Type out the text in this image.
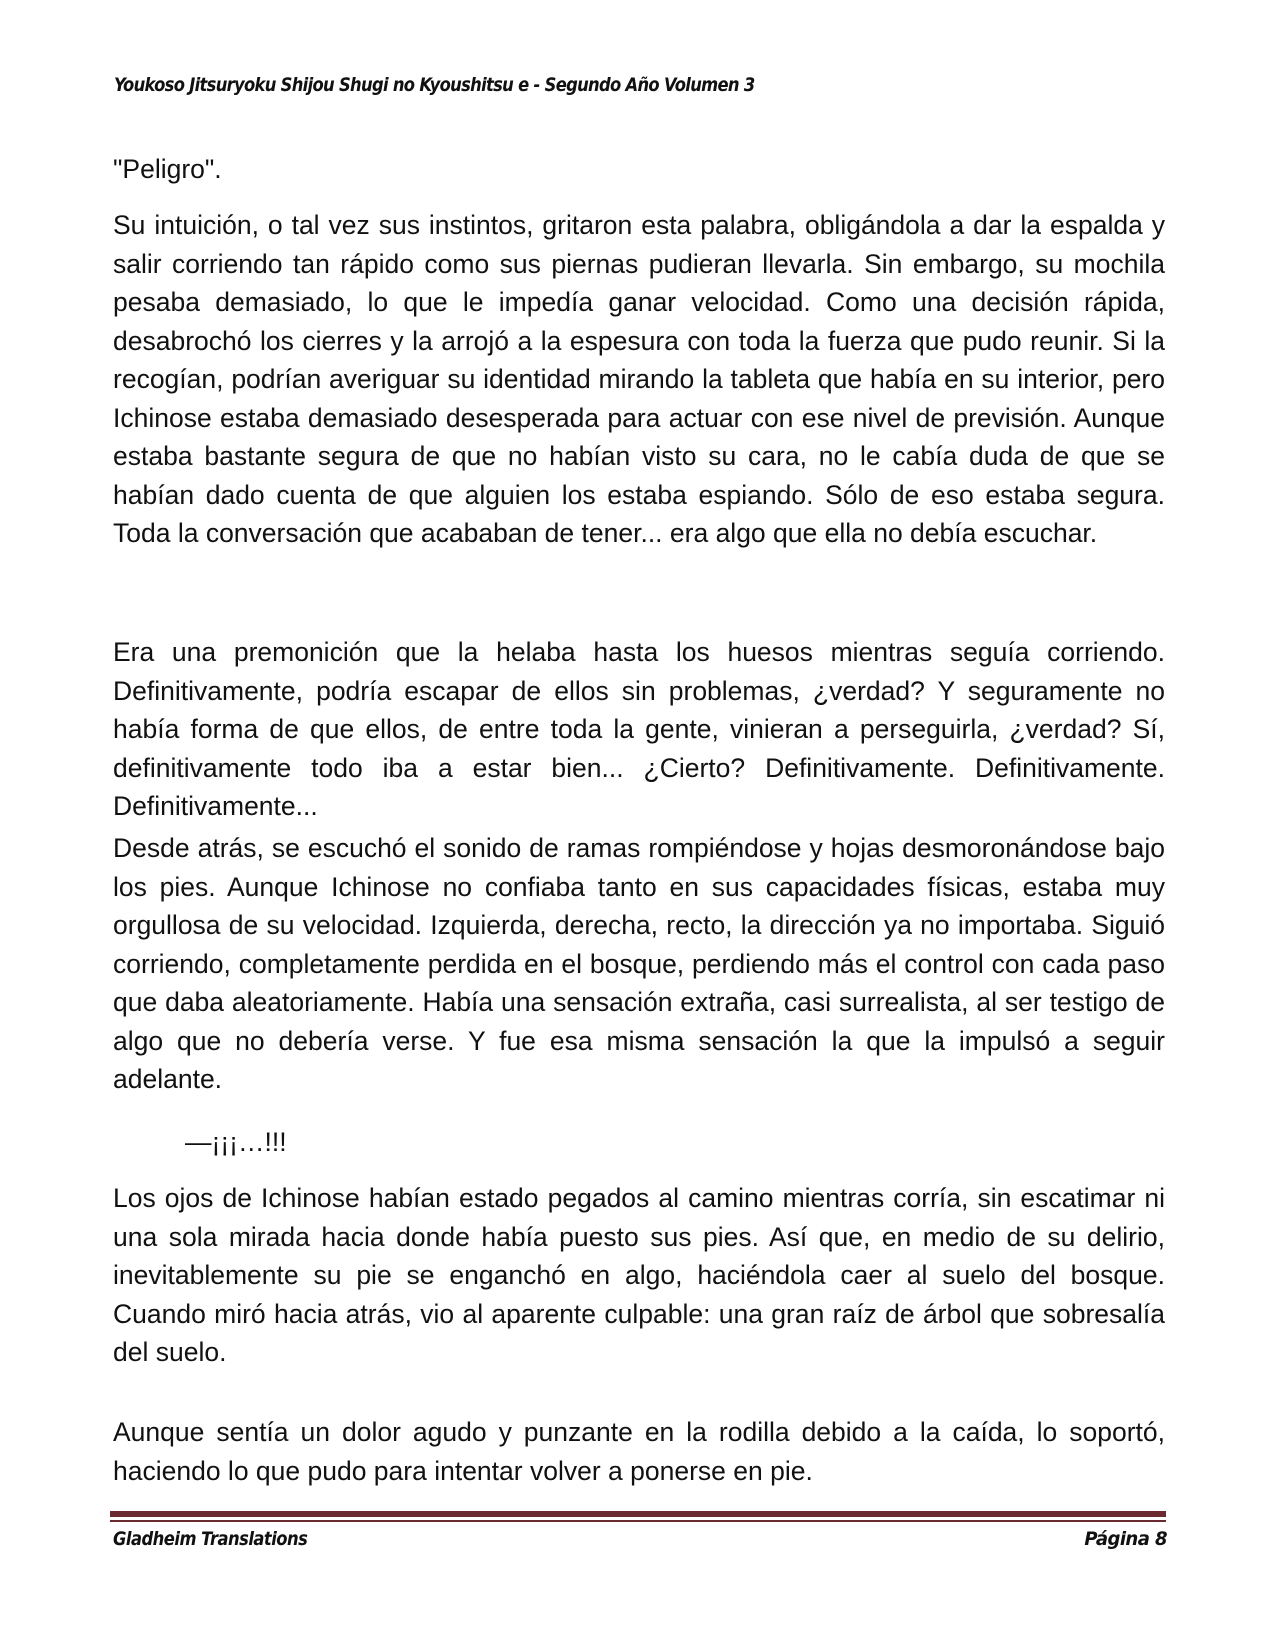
Youkoso Jitsuryoku Shijou Shugi no Kyoushitsu e - Segundo Año Volumen 3

"Peligro".

Su intuición, o tal vez sus instintos, gritaron esta palabra, obligándola a dar la espalda y salir corriendo tan rápido como sus piernas pudieran llevarla. Sin embargo, su mochila pesaba demasiado, lo que le impedía ganar velocidad. Como una decisión rápida, desabrochó los cierres y la arrojó a la espesura con toda la fuerza que pudo reunir. Si la recogían, podrían averiguar su identidad mirando la tableta que había en su interior, pero Ichinose estaba demasiado desesperada para actuar con ese nivel de previsión. Aunque estaba bastante segura de que no habían visto su cara, no le cabía duda de que se habían dado cuenta de que alguien los estaba espiando. Sólo de eso estaba segura. Toda la conversación que acababan de tener... era algo que ella no debía escuchar.

Era una premonición que la helaba hasta los huesos mientras seguía corriendo. Definitivamente, podría escapar de ellos sin problemas, ¿verdad? Y seguramente no había forma de que ellos, de entre toda la gente, vinieran a perseguirla, ¿verdad? Sí, definitivamente todo iba a estar bien... ¿Cierto? Definitivamente. Definitivamente. Definitivamente...

Desde atrás, se escuchó el sonido de ramas rompiéndose y hojas desmoronándose bajo los pies. Aunque Ichinose no confiaba tanto en sus capacidades físicas, estaba muy orgullosa de su velocidad. Izquierda, derecha, recto, la dirección ya no importaba. Siguió corriendo, completamente perdida en el bosque, perdiendo más el control con cada paso que daba aleatoriamente. Había una sensación extraña, casi surrealista, al ser testigo de algo que no debería verse. Y fue esa misma sensación la que la impulsó a seguir adelante.

—¡¡¡…!!!

Los ojos de Ichinose habían estado pegados al camino mientras corría, sin escatimar ni una sola mirada hacia donde había puesto sus pies. Así que, en medio de su delirio, inevitablemente su pie se enganchó en algo, haciéndola caer al suelo del bosque. Cuando miró hacia atrás, vio al aparente culpable: una gran raíz de árbol que sobresalía del suelo.

Aunque sentía un dolor agudo y punzante en la rodilla debido a la caída, lo soportó, haciendo lo que pudo para intentar volver a ponerse en pie.

Gladheim Translations	Página 8
